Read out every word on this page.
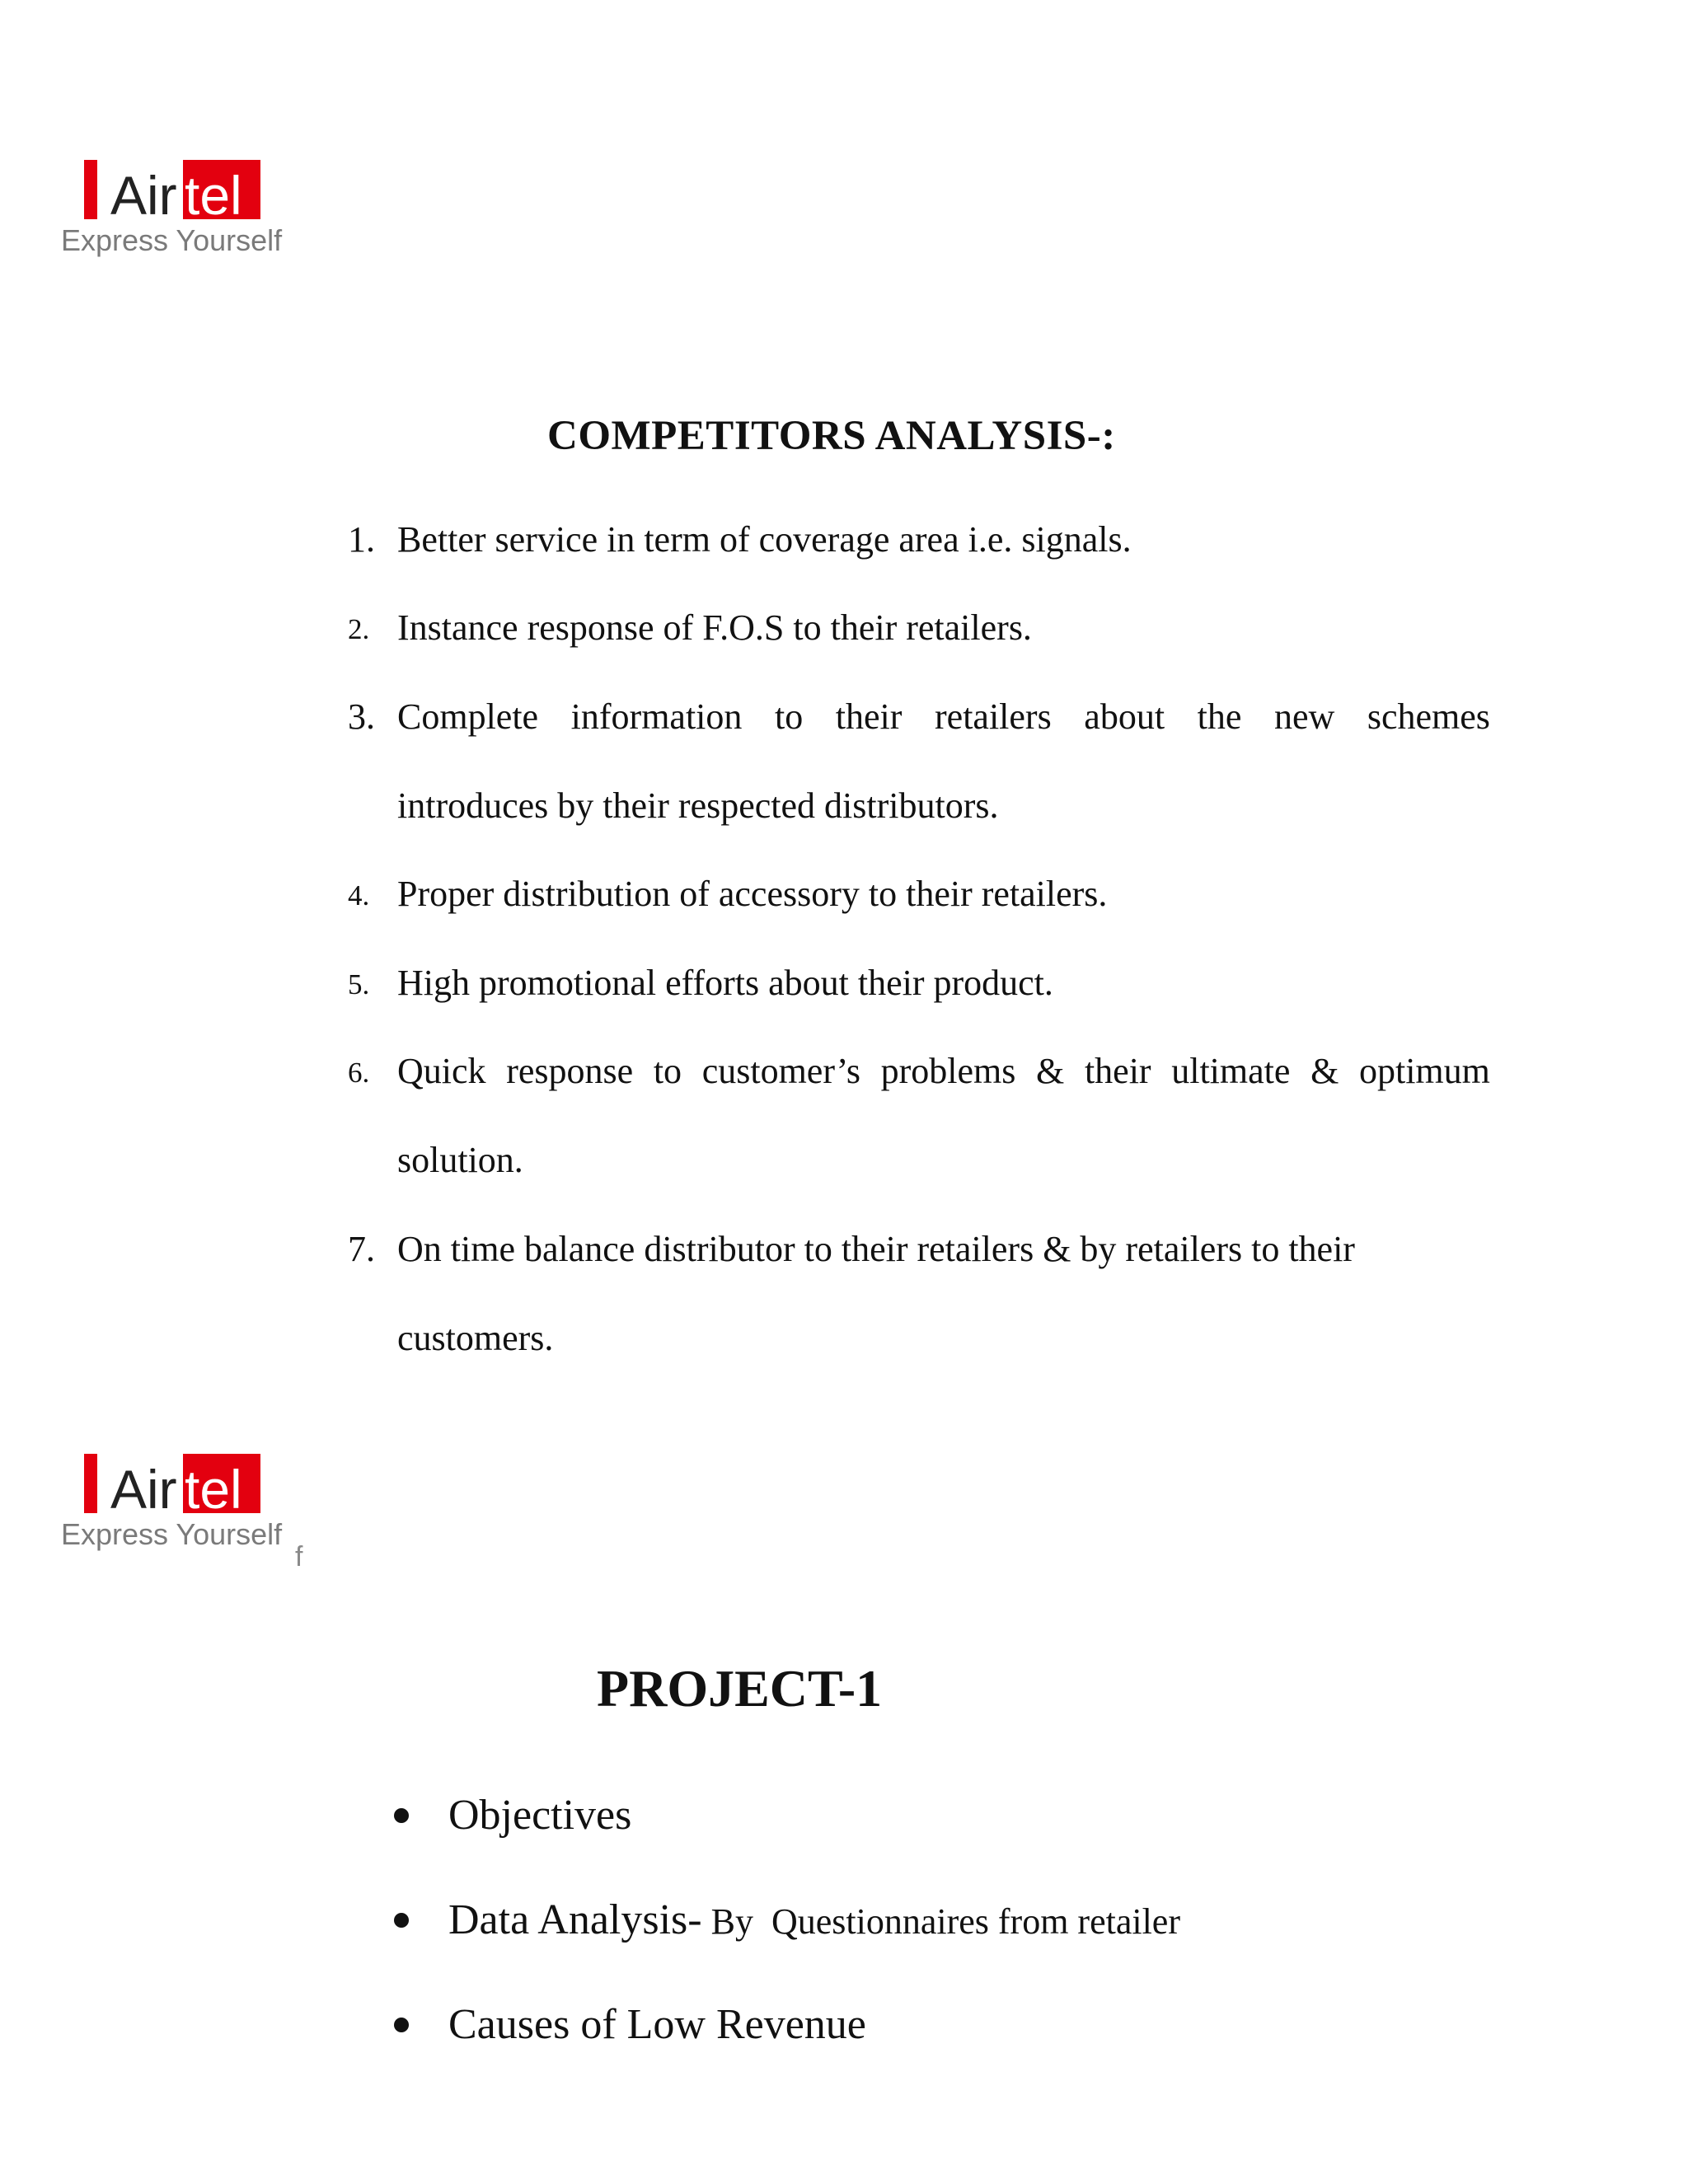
Air tel
Express Yourself
COMPETITORS ANALYSIS-:
1. Better service in term of coverage area i.e. signals.
2. Instance response of F.O.S to their retailers.
3. Complete information to their retailers about the new schemes
introduces by their respected distributors.
4. Proper distribution of accessory to their retailers.
5. High promotional efforts about their product.
6. Quick response to customer’s problems & their ultimate & optimum
solution.
7. On time balance distributor to their retailers & by retailers to their
customers.
Air tel
Express Yourself
f
PROJECT-1
Objectives
Data Analysis- By  Questionnaires from retailer
Causes of Low Revenue
